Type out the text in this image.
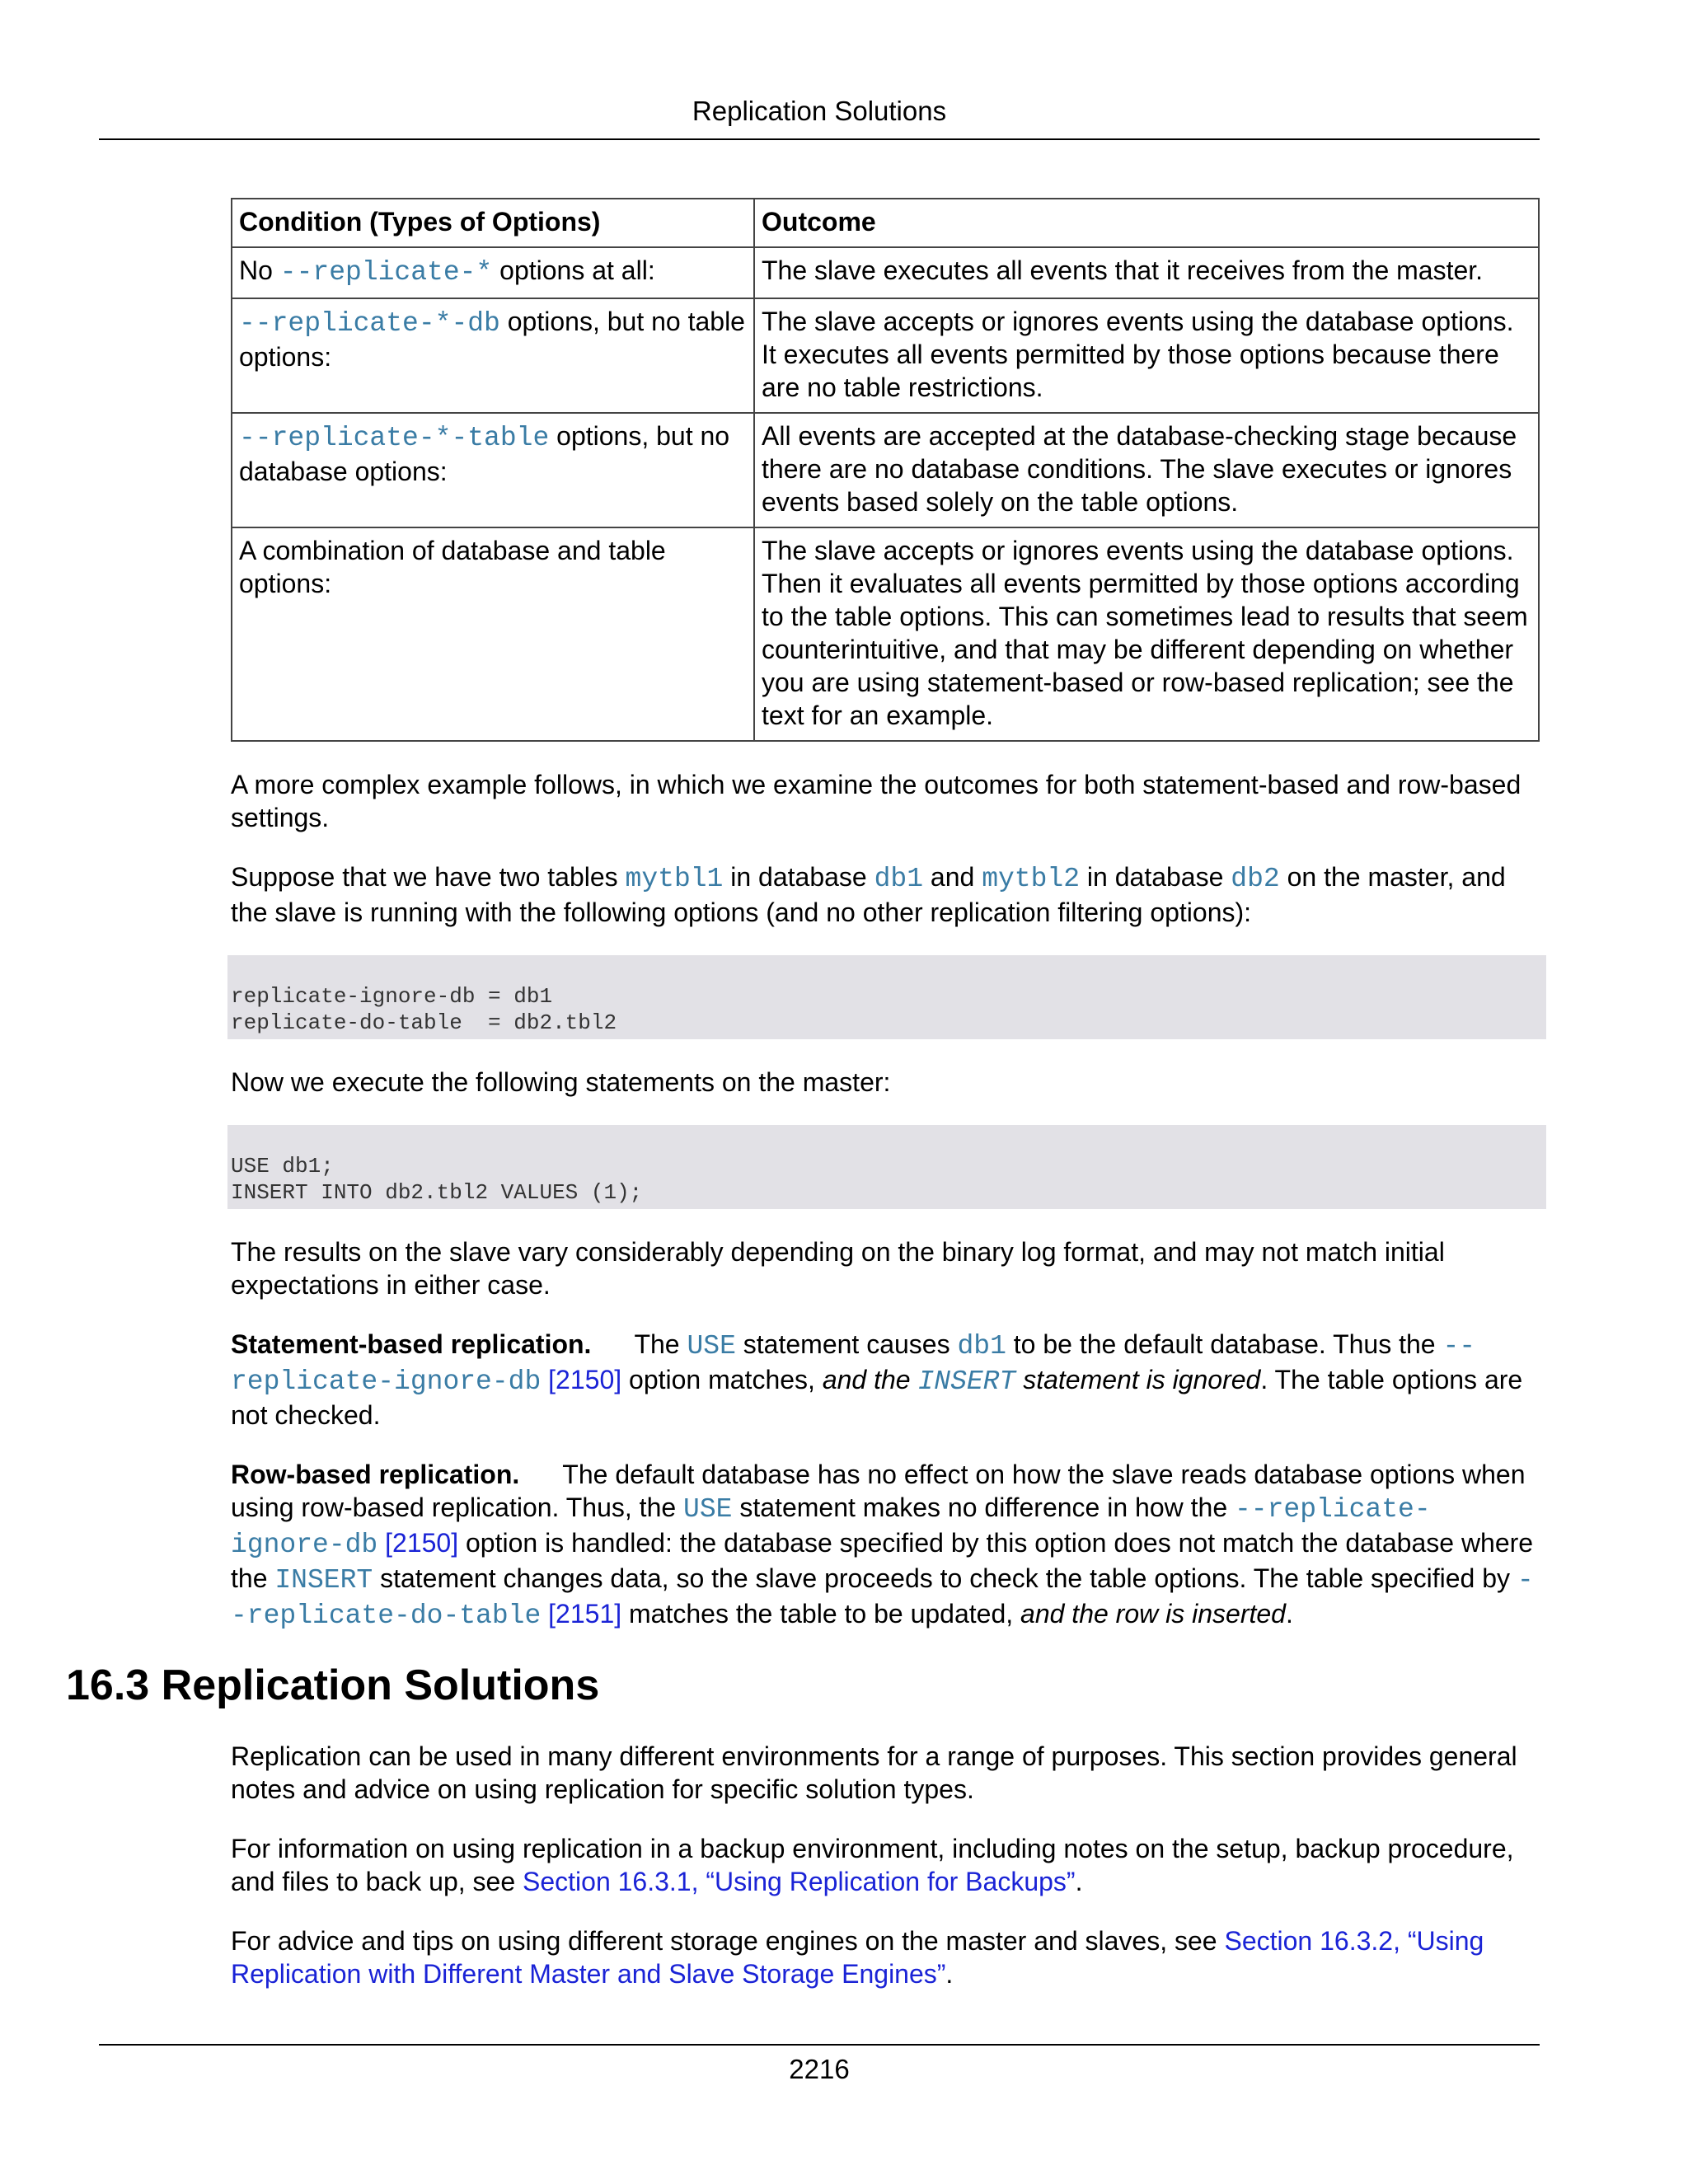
Replication Solutions
Condition (Types of Options)	Outcome
No --replicate-* options at all:	The slave executes all events that it receives from the master.
--replicate-*-db options, but no table options:	The slave accepts or ignores events using the database options. It executes all events permitted by those options because there are no table restrictions.
--replicate-*-table options, but no database options:	All events are accepted at the database-checking stage because there are no database conditions. The slave executes or ignores events based solely on the table options.
A combination of database and table options:	The slave accepts or ignores events using the database options. Then it evaluates all events permitted by those options according to the table options. This can sometimes lead to results that seem counterintuitive, and that may be different depending on whether you are using statement-based or row-based replication; see the text for an example.

A more complex example follows, in which we examine the outcomes for both statement-based and row-based settings.

Suppose that we have two tables mytbl1 in database db1 and mytbl2 in database db2 on the master, and the slave is running with the following options (and no other replication filtering options):

replicate-ignore-db = db1
replicate-do-table  = db2.tbl2

Now we execute the following statements on the master:

USE db1;
INSERT INTO db2.tbl2 VALUES (1);

The results on the slave vary considerably depending on the binary log format, and may not match initial expectations in either case.

Statement-based replication. The USE statement causes db1 to be the default database. Thus the --replicate-ignore-db [2150] option matches, and the INSERT statement is ignored. The table options are not checked.

Row-based replication. The default database has no effect on how the slave reads database options when using row-based replication. Thus, the USE statement makes no difference in how the --replicate-ignore-db [2150] option is handled: the database specified by this option does not match the database where the INSERT statement changes data, so the slave proceeds to check the table options. The table specified by --replicate-do-table [2151] matches the table to be updated, and the row is inserted.

16.3 Replication Solutions

Replication can be used in many different environments for a range of purposes. This section provides general notes and advice on using replication for specific solution types.

For information on using replication in a backup environment, including notes on the setup, backup procedure, and files to back up, see Section 16.3.1, “Using Replication for Backups”.

For advice and tips on using different storage engines on the master and slaves, see Section 16.3.2, “Using Replication with Different Master and Slave Storage Engines”.

2216
